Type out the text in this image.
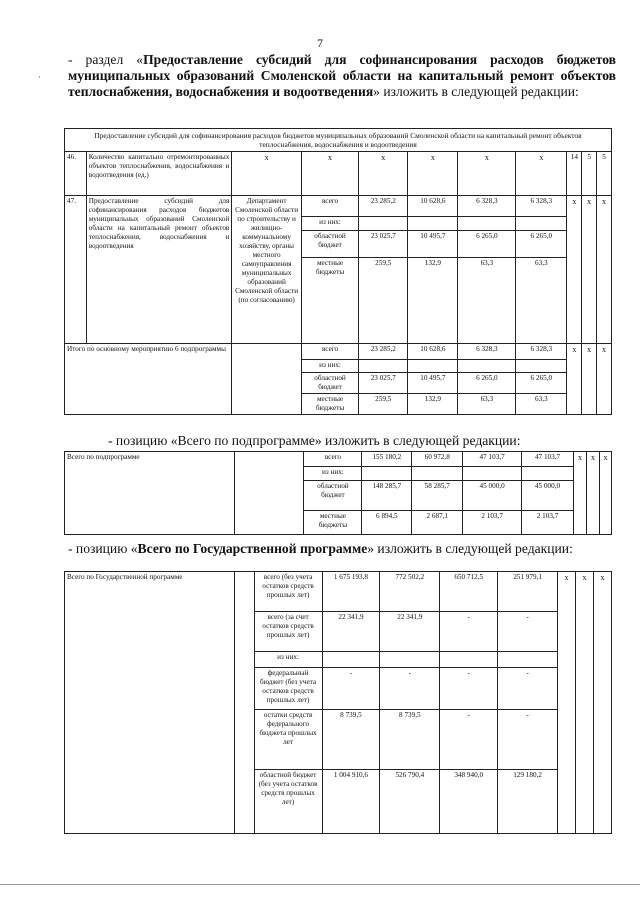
7
·
- раздел «Предоставление субсидий для софинансирования расходов бюджетов муниципальных образований Смоленской области на капитальный ремонт объектов теплоснабжения, водоснабжения и водоотведения» изложить в следующей редакции:
Предоставление субсидий для софинансирования расходов бюджетов муниципальных образований Смоленской области на капитальный ремонт объектов теплоснабжения, водоснабжения и водоотведения										
46.	Количество капитально отремонтированных объектов теплоснабжения, водоснабжения и водоотведения (ед.)	х	х	х	х	х	х	14	5	5
47.	Предоставление субсидий для софинансирования расходов бюджетов муниципальных образований Смоленской области на капитальный ремонт объектов теплоснабжения, водоснабжения и водоотведения	Департамент Смоленской области по строительству и жилищно-коммунальному хозяйству, органы местного самоуправления муниципальных образований Смоленской области (по согласованию)	всего	23 285,2	10 628,6	6 328,3	6 328,3	х	х	х
			из них:							
			областной бюджет	23 025,7	10 495,7	6 265,0	6 265,0			
			местные бюджеты	259,5	132,9	63,3	63,3			
Итого по основному мероприятию 6 подпрограммы			всего	23 285,2	10 628,6	6 328,3	6 328,3	х	х	х
			из них:							
			областной бюджет	23 025,7	10 495,7	6 265,0	6 265,0			
			местные бюджеты	259,5	132,9	63,3	63,3			
- позицию «Всего по подпрограмме» изложить в следующей редакции:
Всего по подпрограмме		всего	155 180,2	60 972,8	47 103,7	47 103,7	х	х	х
		из них:							
		областной бюджет	148 285,7	58 285,7	45 000,0	45 000,0			
		местные бюджеты	6 894,5	2 687,1	2 103,7	2 103,7			
- позицию «Всего по Государственной программе» изложить в следующей редакции:
Всего по Государственной программе		всего (без учета остатков средств прошлых лет)	1 675 193,8	772 502,2	650 712,5	251 979,1	х	х	х
		всего (за счет остатков средств прошлых лет)	22 341,9	22 341,9	-	-			
		из них:							
		федеральный бюджет (без учета остатков средств прошлых лет)	-	-	-	-			
		остатки средств федерального бюджета прошлых лет	8 739,5	8 739,5	-	-			
		областной бюджет (без учета остатков средств прошлых лет)	1 004 910,6	526 790,4	348 940,0	129 180,2			
